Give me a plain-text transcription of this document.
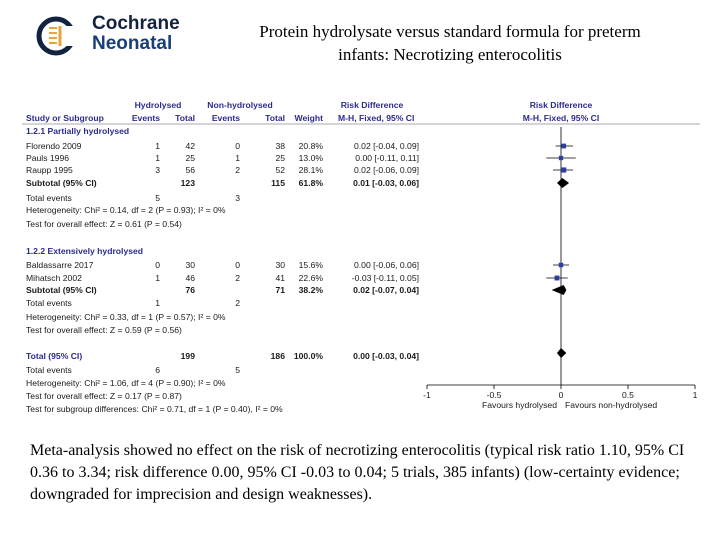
Cochrane
Neonatal
Protein hydrolysate versus standard formula for preterm infants: Necrotizing enterocolitis
Hydrolysed	Non-hydrolysed	Risk Difference	Risk Difference
Study or Subgroup	Events Total Events	Total Weight M-H, Fixed, 95% CI	M-H, Fixed, 95% CI
1.2.1 Partially hydrolysed
Florendo 2009	1	42	0	38 20.8%	0.02 [-0.04, 0.09]
Pauls 1996	1	25	1	25 13.0%	0.00 [-0.11, 0.11]
Raupp 1995	3	56	2	52 28.1%	0.02 [-0.06, 0.09]
Subtotal (95% CI)	123	115 61.8%	0.01 [-0.03, 0.06]
Total events	5	3
Heterogeneity: Chi² = 0.14, df = 2 (P = 0.93); I² = 0%
Test for overall effect: Z = 0.61 (P = 0.54)
1.2.2 Extensively hydrolysed
Baldassarre 2017	0	30	0	30 15.6%	0.00 [-0.06, 0.06]
Mihatsch 2002	1	46	2	41 22.6%	-0.03 [-0.11, 0.05]
Subtotal (95% CI)	76	71 38.2%	0.02 [-0.07, 0.04]
Total events	1	2
Heterogeneity: Chi² = 0.33, df = 1 (P = 0.57); I² = 0%
Test for overall effect: Z = 0.59 (P = 0.56)
Total (95% CI)	199	186 100.0%	0.00 [-0.03, 0.04]
Total events	6	5
Heterogeneity: Chi² = 1.06, df = 4 (P = 0.90); I² = 0%
Test for overall effect: Z = 0.17 (P = 0.87)
Test for subgroup differences: Chi² = 0.71, df = 1 (P = 0.40), I² = 0%
-1	-0.5	0	0.5	1
Favours hydrolysed Favours non-hydrolysed
Meta-analysis showed no effect on the risk of necrotizing enterocolitis (typical risk ratio 1.10, 95% CI 0.36 to 3.34; risk difference 0.00, 95% CI -0.03 to 0.04; 5 trials, 385 infants) (low-certainty evidence; downgraded for imprecision and design weaknesses).
